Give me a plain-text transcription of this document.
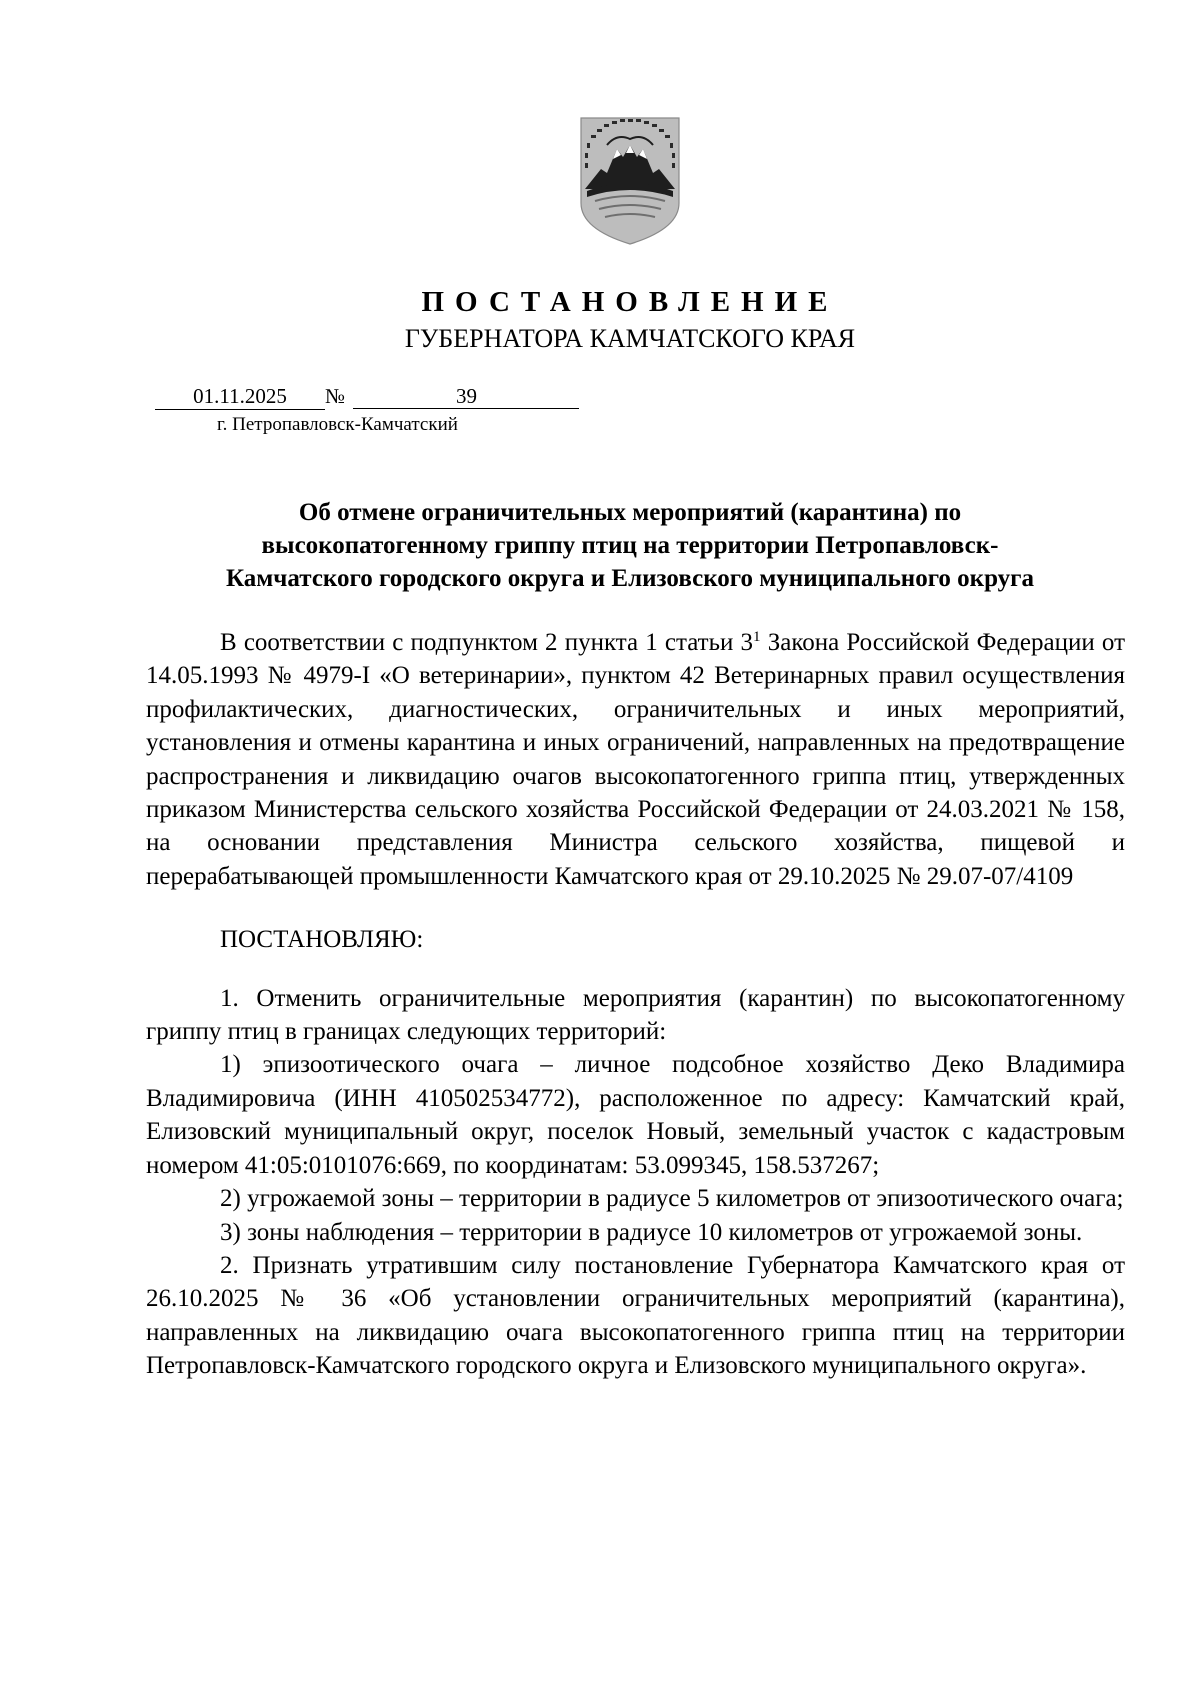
ПОСТАНОВЛЕНИЕ
ГУБЕРНАТОРА КАМЧАТСКОГО КРАЯ
01.11.2025	№	39
г. Петропавловск-Камчатский
Об отмене ограничительных мероприятий (карантина) по
высокопатогенному гриппу птиц на территории Петропавловск-
Камчатского городского округа и Елизовского муниципального округа

В соответствии с подпунктом 2 пункта 1 статьи $3^1$ Закона Российской Федерации от 14.05.1993 № 4979-I «О ветеринарии», пунктом 42 Ветеринарных правил осуществления профилактических, диагностических, ограничительных и иных мероприятий, установления и отмены карантина и иных ограничений, направленных на предотвращение распространения и ликвидацию очагов высокопатогенного гриппа птиц, утвержденных приказом Министерства сельского хозяйства Российской Федерации от 24.03.2021 № 158, на основании представления Министра сельского хозяйства, пищевой и перерабатывающей промышленности Камчатского края от 29.10.2025 № 29.07-07/4109

ПОСТАНОВЛЯЮ:

1. Отменить ограничительные мероприятия (карантин) по высокопатогенному гриппу птиц в границах следующих территорий:

1) эпизоотического очага – личное подсобное хозяйство Деко Владимира Владимировича (ИНН 410502534772), расположенное по адресу: Камчатский край, Елизовский муниципальный округ, поселок Новый, земельный участок с кадастровым номером 41:05:0101076:669, по координатам: 53.099345, 158.537267;

2) угрожаемой зоны – территории в радиусе 5 километров от эпизоотического очага;

3) зоны наблюдения – территории в радиусе 10 километров от угрожаемой зоны.

2. Признать утратившим силу постановление Губернатора Камчатского края от 26.10.2025 № 36 «Об установлении ограничительных мероприятий (карантина), направленных на ликвидацию очага высокопатогенного гриппа птиц на территории Петропавловск-Камчатского городского округа и Елизовского муниципального округа».
